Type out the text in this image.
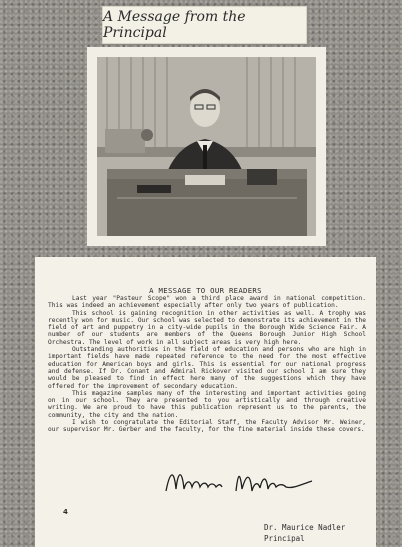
A Message from the Principal
A MESSAGE TO OUR READERS

Last year "Pasteur Scope" won a third place award in national competition. This was indeed an achievement especially after only two years of publication.

This school is gaining recognition in other activities as well. A trophy was recently won for music. Our school was selected to demonstrate its achievement in the field of art and puppetry in a city-wide pupils in the Borough Wide Science Fair. A number of our students are members of the Queens Borough Junior High School Orchestra. The level of work in all subject areas is very high here.

Outstanding authorities in the field of education and persons who are high in important fields have made repeated reference to the need for the most effective education for American boys and girls. This is essential for our national progress and defense. If Dr. Conant and Admiral Rickover visited our school I am sure they would be pleased to find in effect here many of the suggestions which they have offered for the improvement of secondary education.

This magazine samples many of the interesting and important activities going on in our school. They are presented to you artistically and through creative writing. We are proud to have this publication represent us to the parents, the community, the city and the nation.

I wish to congratulate the Editorial Staff, the Faculty Advisor Mr. Weiner, our supervisor Mr. Gerber and the faculty, for the fine material inside these covers.

4
Dr. Maurice Nadler
Principal
